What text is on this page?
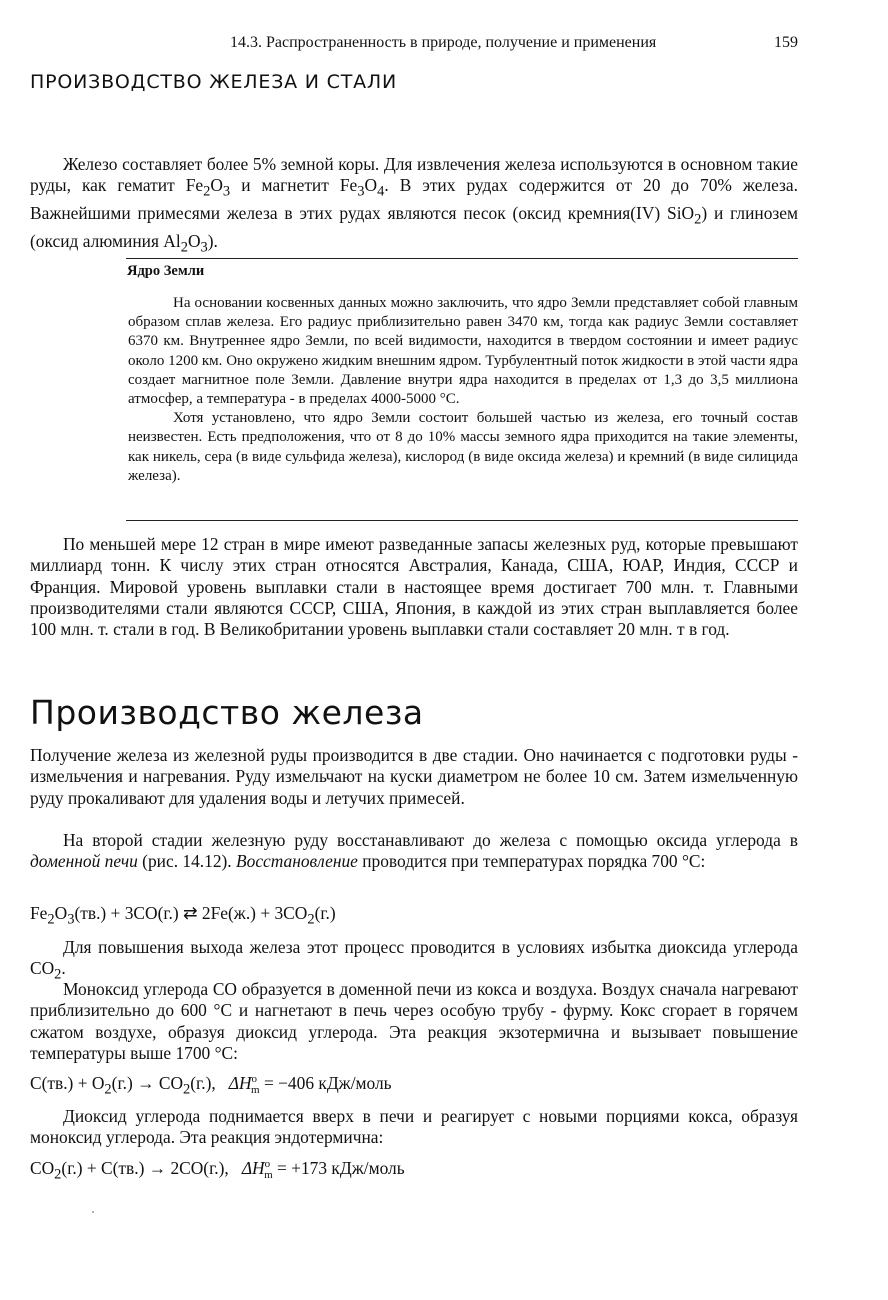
14.3. Распространенность в природе, получение и применения	159
ПРОИЗВОДСТВО ЖЕЛЕЗА И СТАЛИ

Железо составляет более 5% земной коры. Для извлечения железа используются в основном такие руды, как гематит $Fe_2O_3$ и магнетит $Fe_3O_4$. В этих рудах содержится от 20 до 70% железа. Важнейшими примесями железа в этих рудах являются песок (оксид кремния(IV) SiO$_2$) и глинозем (оксид алюминия $Al_2O_3$).

Ядро Земли

На основании косвенных данных можно заключить, что ядро Земли представляет собой главным образом сплав железа. Его радиус приблизительно равен 3470 км, тогда как радиус Земли составляет 6370 км. Внутреннее ядро Земли, по всей видимости, находится в твердом состоянии и имеет радиус около 1200 км. Оно окружено жидким внешним ядром. Турбулентный поток жидкости в этой части ядра создает магнитное поле Земли. Давление внутри ядра находится в пределах от 1,3 до 3,5 миллиона атмосфер, а температура - в пределах 4000-5000 °C.

Хотя установлено, что ядро Земли состоит большей частью из железа, его точный состав неизвестен. Есть предположения, что от 8 до 10% массы земного ядра приходится на такие элементы, как никель, сера (в виде сульфида железа), кислород (в виде оксида железа) и кремний (в виде силицида железа).

По меньшей мере 12 стран в мире имеют разведанные запасы железных руд, которые превышают миллиард тонн. К числу этих стран относятся Австралия, Канада, США, ЮАР, Индия, СССР и Франция. Мировой уровень выплавки стали в настоящее время достигает 700 млн. т. Главными производителями стали являются СССР, США, Япония, в каждой из этих стран выплавляется более 100 млн. т. стали в год. В Великобритании уровень выплавки стали составляет 20 млн. т в год.

Производство железа

Получение железа из железной руды производится в две стадии. Оно начинается с подготовки руды - измельчения и нагревания. Руду измельчают на куски диаметром не более 10 см. Затем измельченную руду прокаливают для удаления воды и летучих примесей.

На второй стадии железную руду восстанавливают до железа с помощью оксида углерода в доменной печи (рис. 14.12). Восстановление проводится при температурах порядка 700 °C:

$Fe_2O_3(тв.) + 3CO(г.)$ ⇄ $2Fe(ж.) + 3CO_2(г.)$

Для повышения выхода железа этот процесс проводится в условиях избытка диоксида углерода $CO_2$.

Моноксид углерода CO образуется в доменной печи из кокса и воздуха. Воздух сначала нагревают приблизительно до 600 °C и нагнетают в печь через особую трубу - фурму. Кокс сгорает в горячем сжатом воздухе, образуя диоксид углерода. Эта реакция экзотермична и вызывает повышение температуры выше 1700 °C:

$C(тв.) + O_2(г.) \to CO_2(г.)$, $\Delta H^o_m = -406$ кДж/моль

Диоксид углерода поднимается вверх в печи и реагирует с новыми порциями кокса, образуя моноксид углерода. Эта реакция эндотермична:

$CO_2(г.) + C(тв.) \to 2CO(г.)$, $\Delta H^o_m = +173$ кДж/моль
